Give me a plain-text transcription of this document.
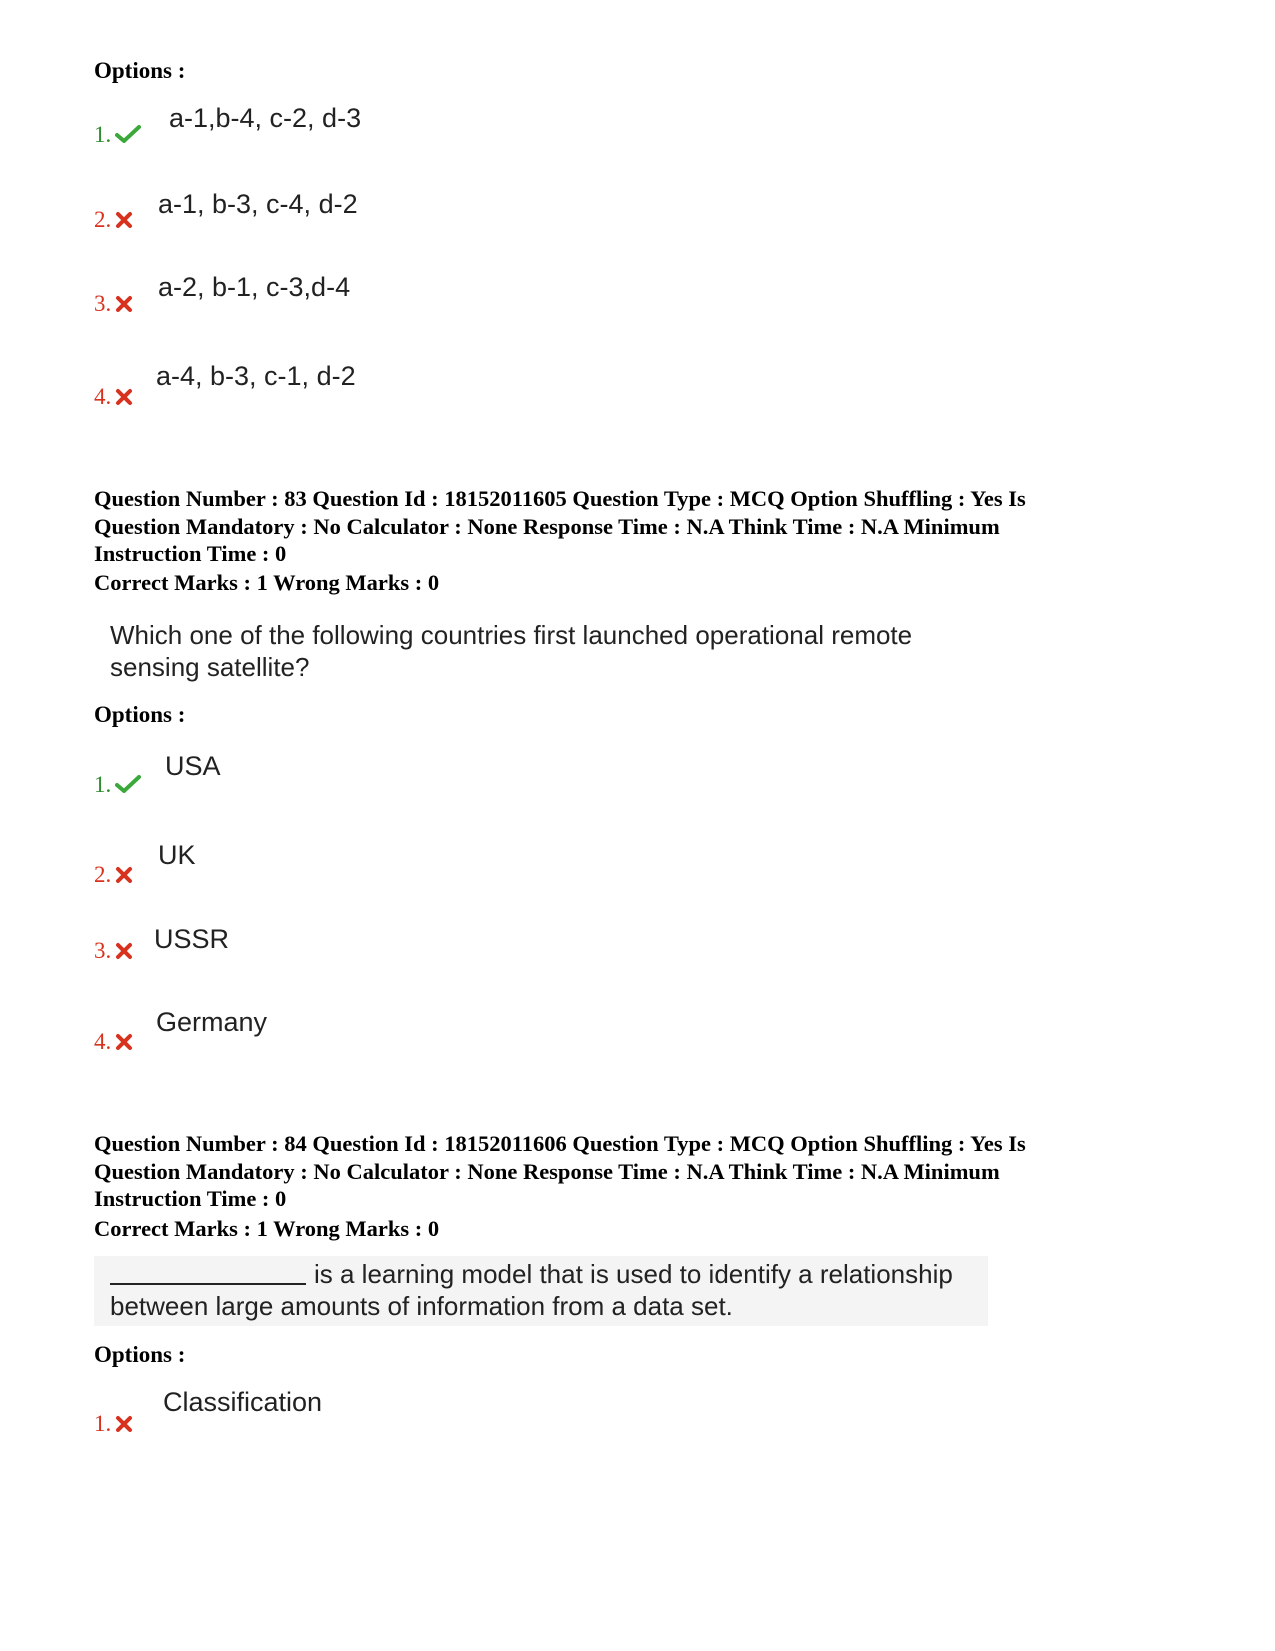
Options :
1.
a-1,b-4, c-2, d-3
2.
a-1, b-3, c-4, d-2
3.
a-2, b-1, c-3,d-4
4.
a-4, b-3, c-1, d-2
Question Number : 83 Question Id : 18152011605 Question Type : MCQ Option Shuffling : Yes Is
Question Mandatory : No Calculator : None Response Time : N.A Think Time : N.A Minimum
Instruction Time : 0
Correct Marks : 1 Wrong Marks : 0
Which one of the following countries first launched operational remote
sensing satellite?
Options :
1.
USA
2.
UK
3.	USSR
4.
Germany
Question Number : 84 Question Id : 18152011606 Question Type : MCQ Option Shuffling : Yes Is
Question Mandatory : No Calculator : None Response Time : N.A Think Time : N.A Minimum
Instruction Time : 0
Correct Marks : 1 Wrong Marks : 0
is a learning model that is used to identify a relationship
between large amounts of information from a data set.
Options :
1.
Classification
